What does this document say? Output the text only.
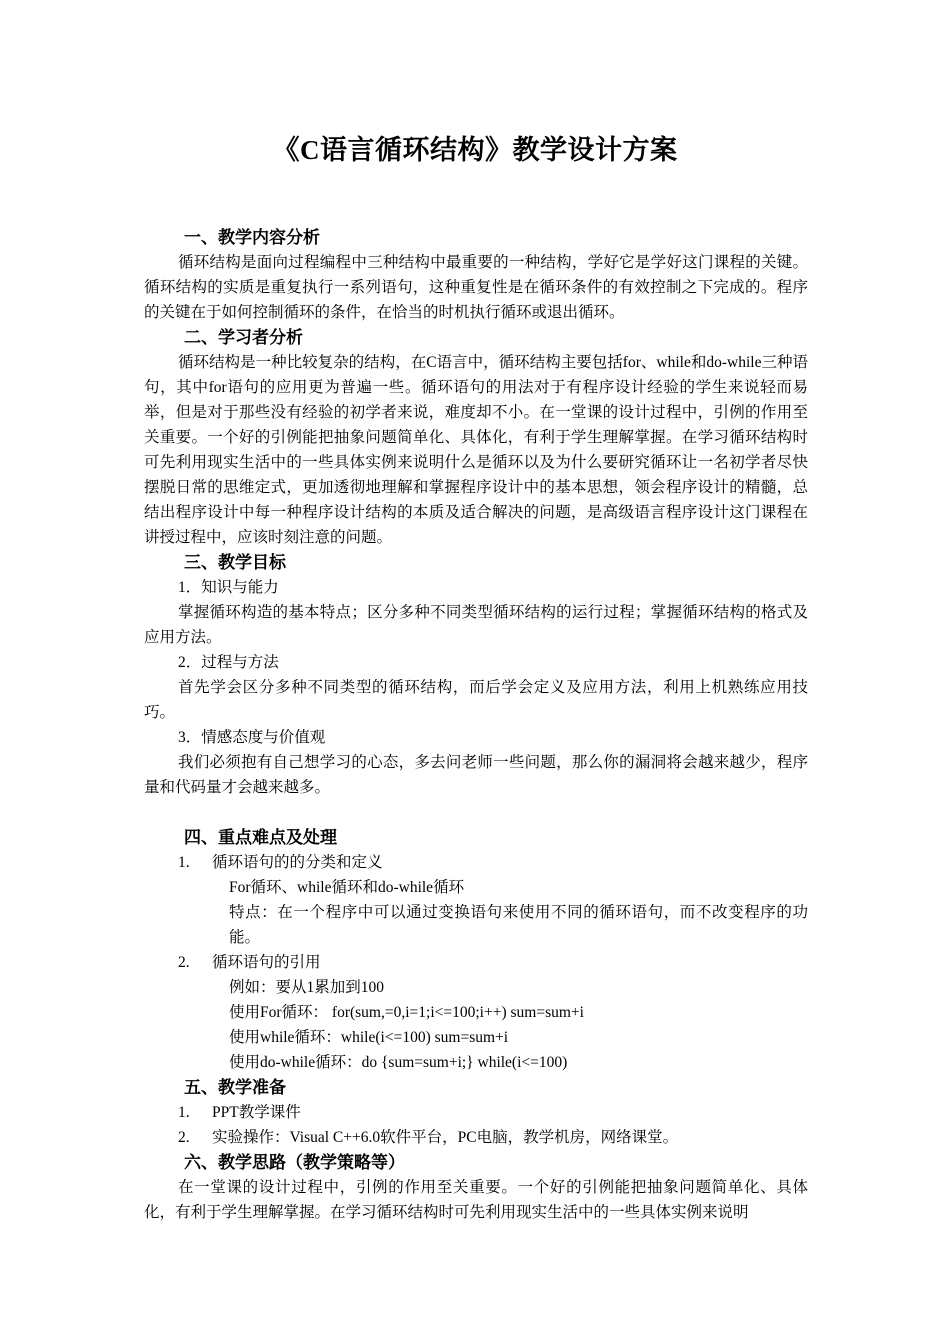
《C语言循环结构》教学设计方案
一、教学内容分析

循环结构是面向过程编程中三种结构中最重要的一种结构，学好它是学好这门课程的关键。循环结构的实质是重复执行一系列语句，这种重复性是在循环条件的有效控制之下完成的。程序的关键在于如何控制循环的条件，在恰当的时机执行循环或退出循环。

二、学习者分析

循环结构是一种比较复杂的结构，在C语言中，循环结构主要包括for、while和do-while三种语句，其中for语句的应用更为普遍一些。循环语句的用法对于有程序设计经验的学生来说轻而易举，但是对于那些没有经验的初学者来说，难度却不小。在一堂课的设计过程中，引例的作用至关重要。一个好的引例能把抽象问题简单化、具体化，有利于学生理解掌握。在学习循环结构时可先利用现实生活中的一些具体实例来说明什么是循环以及为什么要研究循环让一名初学者尽快摆脱日常的思维定式，更加透彻地理解和掌握程序设计中的基本思想，领会程序设计的精髓，总结出程序设计中每一种程序设计结构的本质及适合解决的问题，是高级语言程序设计这门课程在讲授过程中，应该时刻注意的问题。

三、教学目标

1．知识与能力

掌握循环构造的基本特点；区分多种不同类型循环结构的运行过程；掌握循环结构的格式及应用方法。

2．过程与方法

首先学会区分多种不同类型的循环结构，而后学会定义及应用方法，利用上机熟练应用技巧。

3．情感态度与价值观

我们必须抱有自己想学习的心态，多去问老师一些问题，那么你的漏洞将会越来越少，程序量和代码量才会越来越多。

四、重点难点及处理
1. 循环语句的的分类和定义

For循环、while循环和do-while循环

特点：在一个程序中可以通过变换语句来使用不同的循环语句，而不改变程序的功能。

2. 循环语句的引用

例如：要从1累加到100

使用For循环： for(sum,=0,i=1;i<=100;i++) sum=sum+i

使用while循环：while(i<=100) sum=sum+i

使用do-while循环：do {sum=sum+i;} while(i<=100)

五、教学准备
1. PPT教学课件
2. 实验操作：Visual C++6.0软件平台，PC电脑，教学机房，网络课堂。
六、教学思路（教学策略等）

在一堂课的设计过程中，引例的作用至关重要。一个好的引例能把抽象问题简单化、具体化，有利于学生理解掌握。在学习循环结构时可先利用现实生活中的一些具体实例来说明
